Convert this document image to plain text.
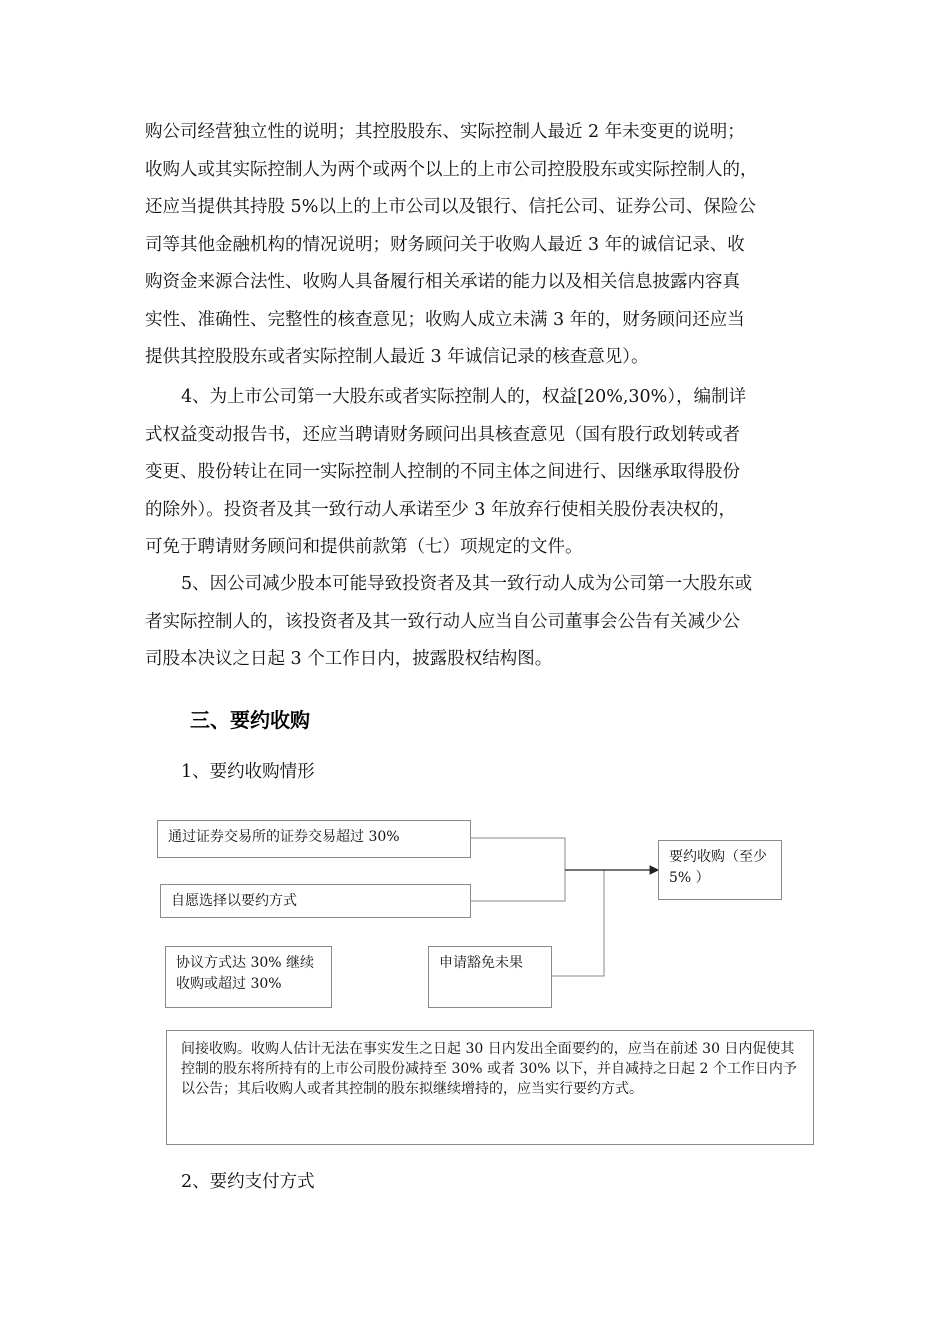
购公司经营独立性的说明；其控股股东、实际控制人最近 2 年未变更的说明；
收购人或其实际控制人为两个或两个以上的上市公司控股股东或实际控制人的，
还应当提供其持股 5%以上的上市公司以及银行、信托公司、证券公司、保险公
司等其他金融机构的情况说明；财务顾问关于收购人最近 3 年的诚信记录、收
购资金来源合法性、收购人具备履行相关承诺的能力以及相关信息披露内容真
实性、准确性、完整性的核查意见；收购人成立未满 3 年的，财务顾问还应当
提供其控股股东或者实际控制人最近 3 年诚信记录的核查意见）。
4、为上市公司第一大股东或者实际控制人的，权益[20%,30%），编制详
式权益变动报告书，还应当聘请财务顾问出具核查意见（国有股行政划转或者
变更、股份转让在同一实际控制人控制的不同主体之间进行、因继承取得股份
的除外）。投资者及其一致行动人承诺至少 3 年放弃行使相关股份表决权的，
可免于聘请财务顾问和提供前款第（七）项规定的文件。
5、因公司减少股本可能导致投资者及其一致行动人成为公司第一大股东或
者实际控制人的，该投资者及其一致行动人应当自公司董事会公告有关减少公
司股本决议之日起 3 个工作日内，披露股权结构图。
三、要约收购

1、要约收购情形

通过证券交易所的证券交易超过 30%
自愿选择以要约方式
协议方式达 30% 继续收购或超过 30%
申请豁免未果
要约收购（至少 5% ）
间接收购。收购人估计无法在事实发生之日起 30 日内发出全面要约的，应当在前述 30 日内促使其控制的股东将所持有的上市公司股份减持至 30% 或者 30% 以下，并自减持之日起 2 个工作日内予以公告；其后收购人或者其控制的股东拟继续增持的，应当实行要约方式。

2、要约支付方式
